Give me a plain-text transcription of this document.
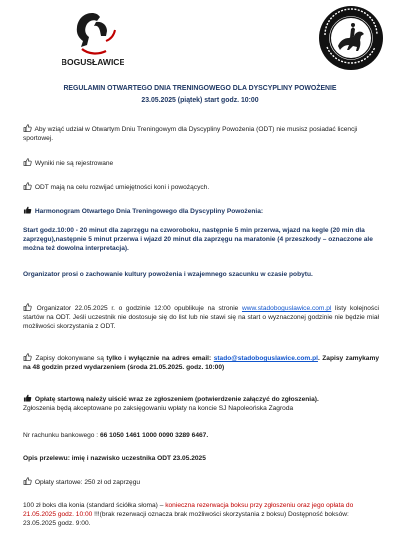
BOGUSŁAWICE
REGULAMIN OTWARTEGO DNIA TRENINGOWEGO DLA DYSCYPLINY POWOŻENIE
23.05.2025 (piątek) start godz. 10:00
Aby wziąć udział w Otwartym Dniu Treningowym dla Dyscypliny Powożenia (ODT) nie musisz posiadać licencji sportowej.
Wyniki nie są rejestrowane
ODT mają na celu rozwijać umiejętności koni i powożących.
Harmonogram Otwartego Dnia Treningowego dla Dyscypliny Powożenia:
Start godz.10:00 - 20 minut dla zaprzęgu na czworoboku, następnie 5 min przerwa, wjazd na kegle (20 min dla zaprzęgu),następnie 5 minut przerwa i wjazd 20 minut dla zaprzęgu na maratonie (4 przeszkody – oznaczone ale można też dowolna interpretacja).
Organizator prosi o zachowanie kultury powożenia i wzajemnego szacunku w czasie pobytu.
Organizator 22.05.2025 r. o godzinie 12:00 opublikuje na stronie www.stadoboguslawice.com.pl listy kolejności startów na ODT. Jeśli uczestnik nie dostosuje się do list lub nie stawi się na start o wyznaczonej godzinie nie będzie miał możliwości skorzystania z ODT.
Zapisy dokonywane są tylko i wyłącznie na adres email: stado@stadoboguslawice.com.pl. Zapisy zamykamy na 48 godzin przed wydarzeniem (środa 21.05.2025. godz. 10:00)
Opłatę startową należy uiścić wraz ze zgłoszeniem (potwierdzenie załączyć do zgłoszenia).
Zgłoszenia będą akceptowane po zaksięgowaniu wpłaty na koncie SJ Napoleońska Zagroda
Nr rachunku bankowego : 66 1050 1461 1000 0090 3289 6467.
Opis przelewu: imię i nazwisko uczestnika ODT 23.05.2025
Opłaty startowe: 250 zł od zaprzęgu
100 zł boks dla konia (standard ściółka słoma) – konieczna rezerwacja boksu przy zgłoszeniu oraz jego opłata do 21.05.2025 godz. 10:00 !!!(brak rezerwacji oznacza brak możliwości skorzystania z boksu) Dostępność boksów: 23.05.2025 godz. 9:00.
